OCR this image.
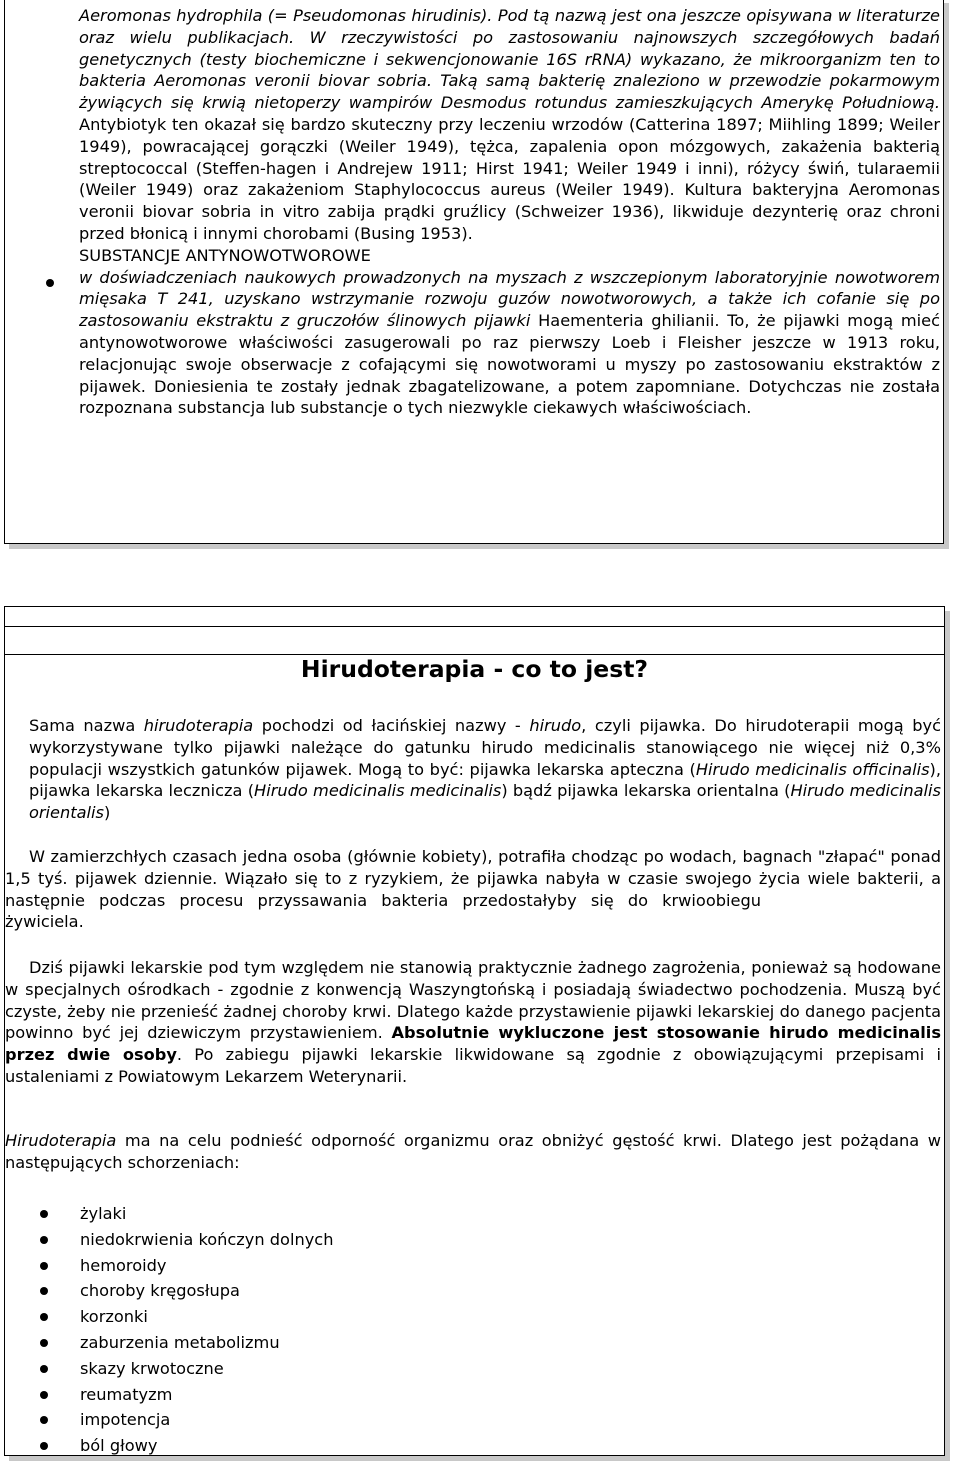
Aeromonas hydrophila (= Pseudomonas hirudinis). Pod tą nazwą jest ona jeszcze opisywana w literaturze oraz wielu publikacjach. W rzeczywistości po zastosowaniu najnowszych szczegółowych badań genetycznych (testy biochemiczne i sekwencjonowanie 16S rRNA) wykazano, że mikroorganizm ten to bakteria Aeromonas veronii biovar sobria. Taką samą bakterię znaleziono w przewodzie pokarmowym żywiących się krwią nietoperzy wampirów Desmodus rotundus zamieszkujących Amerykę Południową. Antybiotyk ten okazał się bardzo skuteczny przy leczeniu wrzodów (Catterina 1897; Miihling 1899; Weiler 1949), powracającej gorączki (Weiler 1949), tężca, zapalenia opon mózgowych, zakażenia bakterią streptococcal (Steffen-hagen i Andrejew 1911; Hirst 1941; Weiler 1949 i inni), różycy świń, tularaemii (Weiler 1949) oraz zakażeniom Staphylococcus aureus (Weiler 1949). Kultura bakteryjna Aeromonas veronii biovar sobria in vitro zabija prądki gruźlicy (Schweizer 1936), likwiduje dezynterię oraz chroni przed błonicą i innymi chorobami (Busing 1953).

SUBSTANCJE ANTYNOWOTWOROWE

w doświadczeniach naukowych prowadzonych na myszach z wszczepionym laboratoryjnie nowotworem mięsaka T 241, uzyskano wstrzymanie rozwoju guzów nowotworowych, a także ich cofanie się po zastosowaniu ekstraktu z gruczołów ślinowych pijawki Haementeria ghilianii. To, że pijawki mogą mieć antynowotworowe właściwości zasugerowali po raz pierwszy Loeb i Fleisher jeszcze w 1913 roku, relacjonując swoje obserwacje z cofającymi się nowotworami u myszy po zastosowaniu ekstraktów z pijawek. Doniesienia te zostały jednak zbagatelizowane, a potem zapomniane. Dotychczas nie została rozpoznana substancja lub substancje o tych niezwykle ciekawych właściwościach.

Hirudoterapia - co to jest?

Sama nazwa hirudoterapia pochodzi od łacińskiej nazwy - hirudo, czyli pijawka. Do hirudoterapii mogą być wykorzystywane tylko pijawki należące do gatunku hirudo medicinalis stanowiącego nie więcej niż 0,3% populacji wszystkich gatunków pijawek. Mogą to być: pijawka lekarska apteczna (Hirudo medicinalis officinalis), pijawka lekarska lecznicza (Hirudo medicinalis medicinalis) bądź pijawka lekarska orientalna (Hirudo medicinalis orientalis)

W zamierzchłych czasach jedna osoba (głównie kobiety), potrafiła chodząc po wodach, bagnach "złapać" ponad 1,5 tyś. pijawek dziennie. Wiązało się to z ryzykiem, że pijawka nabyła w czasie swojego życia wiele bakterii, a następnie podczas procesu przyssawania bakteria przedostałyby się do krwioobiegużywiciela.

Dziś pijawki lekarskie pod tym względem nie stanowią praktycznie żadnego zagrożenia, ponieważ są hodowane w specjalnych ośrodkach - zgodnie z konwencją Waszyngtońską i posiadają świadectwo pochodzenia. Muszą być czyste, żeby nie przenieść żadnej choroby krwi. Dlatego każde przystawienie pijawki lekarskiej do danego pacjenta powinno być jej dziewiczym przystawieniem. Absolutnie wykluczone jest stosowanie hirudo medicinalis przez dwie osoby. Po zabiegu pijawki lekarskie likwidowane są zgodnie z obowiązującymi przepisami i ustaleniami z Powiatowym Lekarzem Weterynarii.

Hirudoterapia ma na celu podnieść odporność organizmu oraz obniżyć gęstość krwi. Dlatego jest pożądana w następujących schorzeniach:

żylaki
niedokrwienia kończyn dolnych
hemoroidy
choroby kręgosłupa
korzonki
zaburzenia metabolizmu
skazy krwotoczne
reumatyzm
impotencja
ból głowy
